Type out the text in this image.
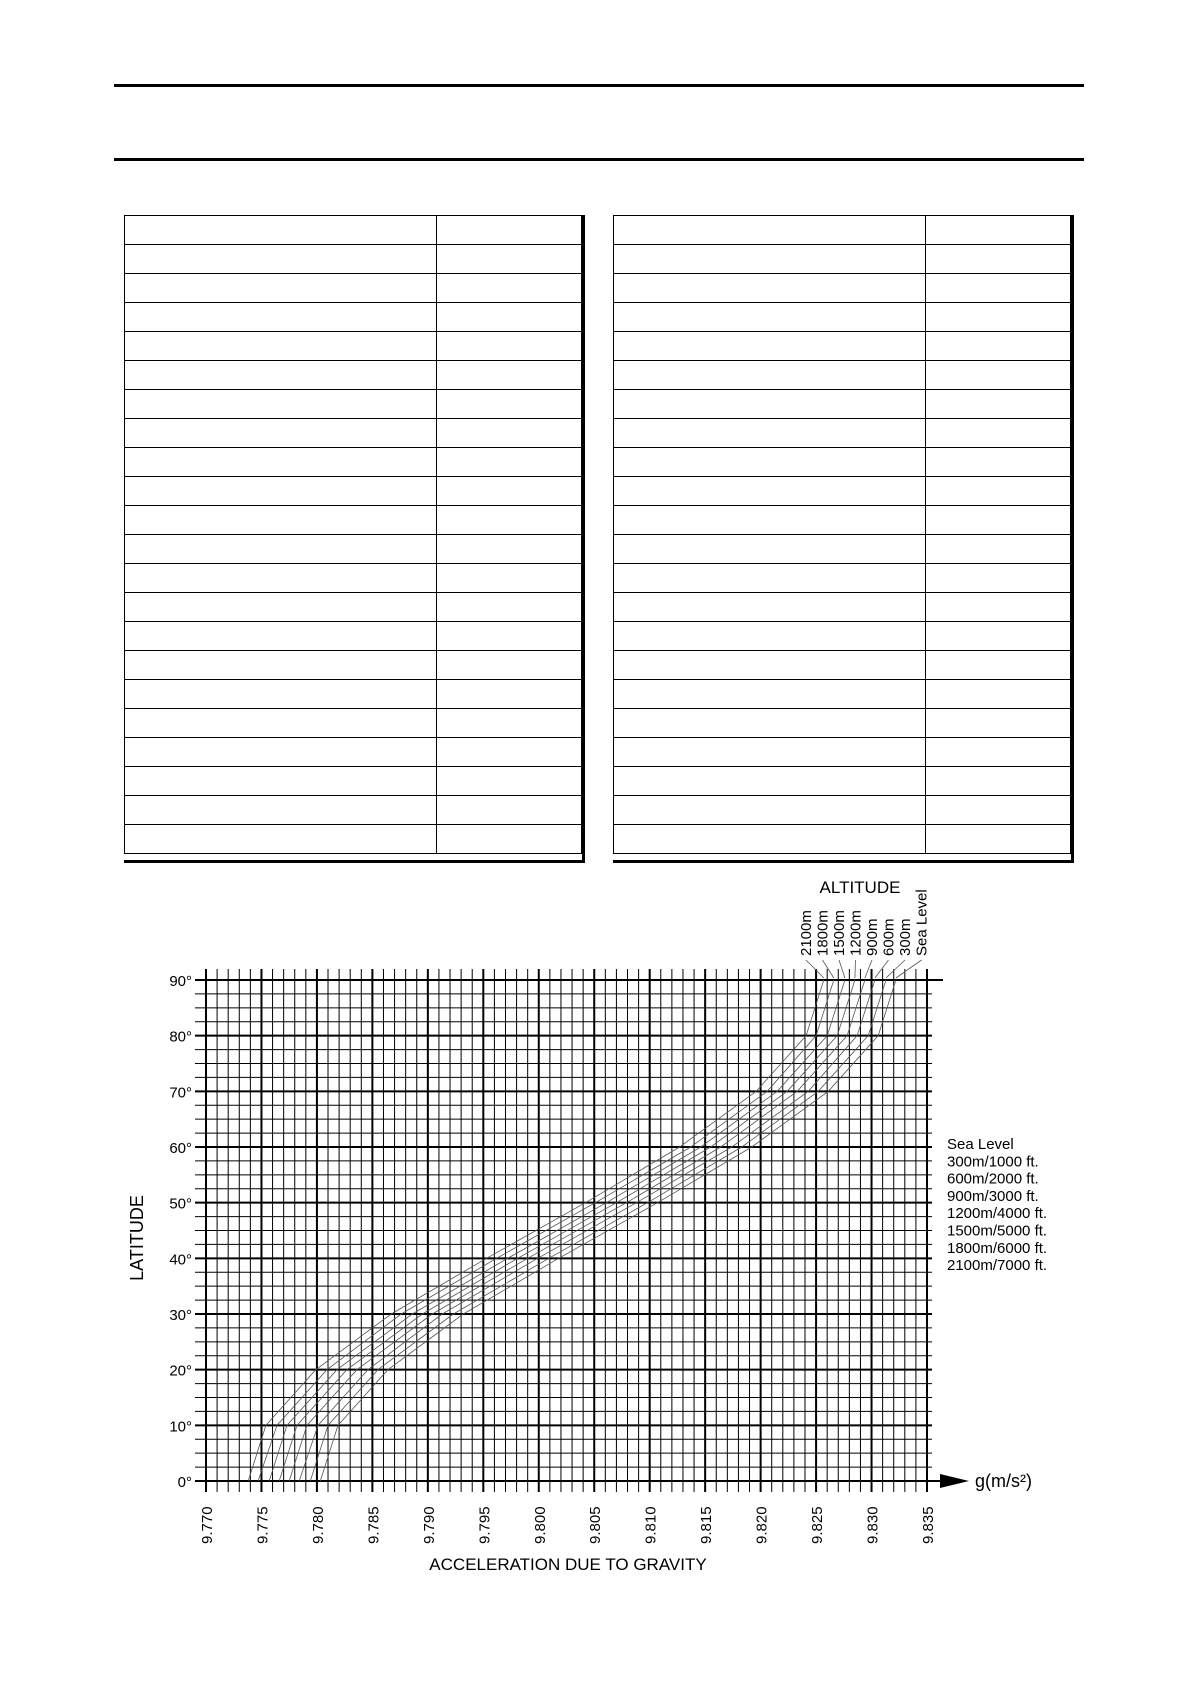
9.770	9.775	9.780	9.785	9.790	9.795	9.800	9.805	9.810	9.815	9.820	9.825	9.830	9.835
0°
10°
20°
30°
40°
50°
60°
70°
80°
90°
2100m 1800m 1500m 1200m 900m 600m 300m Sea Level
Sea Level
300m/1000 ft.
600m/2000 ft.
900m/3000 ft.
1200m/4000 ft.
1500m/5000 ft.
1800m/6000 ft.
2100m/7000 ft.
ALTITUDE
LATITUDE
ACCELERATION DUE TO GRAVITY
g(m/s²)
